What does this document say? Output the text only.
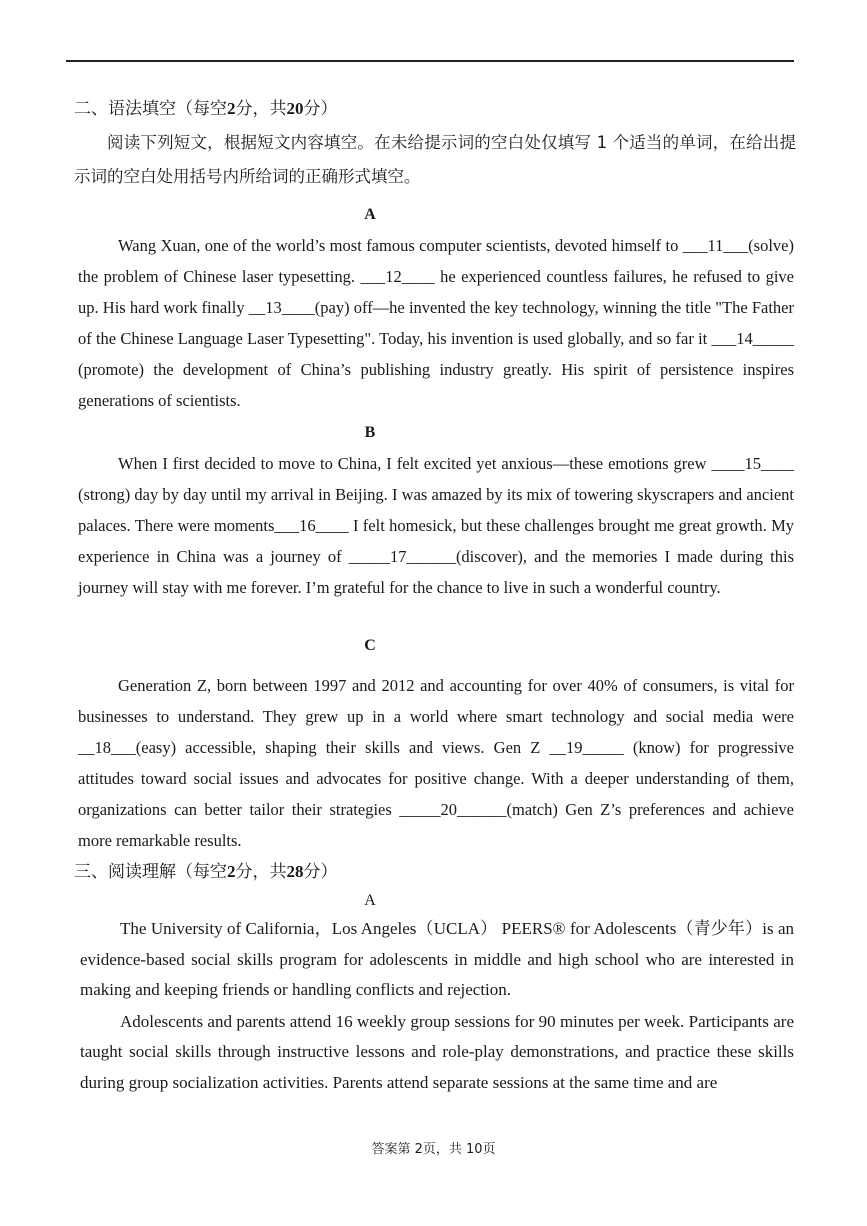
二、语法填空（每空2分，共20分）
阅读下列短文，根据短文内容填空。在未给提示词的空白处仅填写 1 个适当的单词，在给出提示词的空白处用括号内所给词的正确形式填空。
A

Wang Xuan, one of the world’s most famous computer scientists, devoted himself to ___11___(solve) the problem of Chinese laser typesetting. ___12____ he experienced countless failures, he refused to give up. His hard work finally __13____(pay) off—he invented the key technology, winning the title "The Father of the Chinese Language Laser Typesetting". Today, his invention is used globally, and so far it ___14_____ (promote) the development of China’s publishing industry greatly. His spirit of persistence inspires generations of scientists.

B

When I first decided to move to China, I felt excited yet anxious—these emotions grew ____15____ (strong) day by day until my arrival in Beijing. I was amazed by its mix of towering skyscrapers and ancient palaces. There were moments___16____ I felt homesick, but these challenges brought me great growth. My experience in China was a journey of _____17______(discover), and the memories I made during this journey will stay with me forever. I’m grateful for the chance to live in such a wonderful country.

C

Generation Z, born between 1997 and 2012 and accounting for over 40% of consumers, is vital for businesses to understand. They grew up in a world where smart technology and social media were __18___(easy) accessible, shaping their skills and views. Gen Z __19_____ (know) for progressive attitudes toward social issues and advocates for positive change. With a deeper understanding of them, organizations can better tailor their strategies _____20______(match) Gen Z’s preferences and achieve more remarkable results.

三、阅读理解（每空2分，共28分）
A

The University of California，Los Angeles（UCLA） PEERS® for Adolescents（青少年）is an evidence-based social skills program for adolescents in middle and high school who are interested in making and keeping friends or handling conflicts and rejection.

Adolescents and parents attend 16 weekly group sessions for 90 minutes per week. Participants are taught social skills through instructive lessons and role-play demonstrations, and practice these skills during group socialization activities. Parents attend separate sessions at the same time and are

答案第 2页，共 10页
